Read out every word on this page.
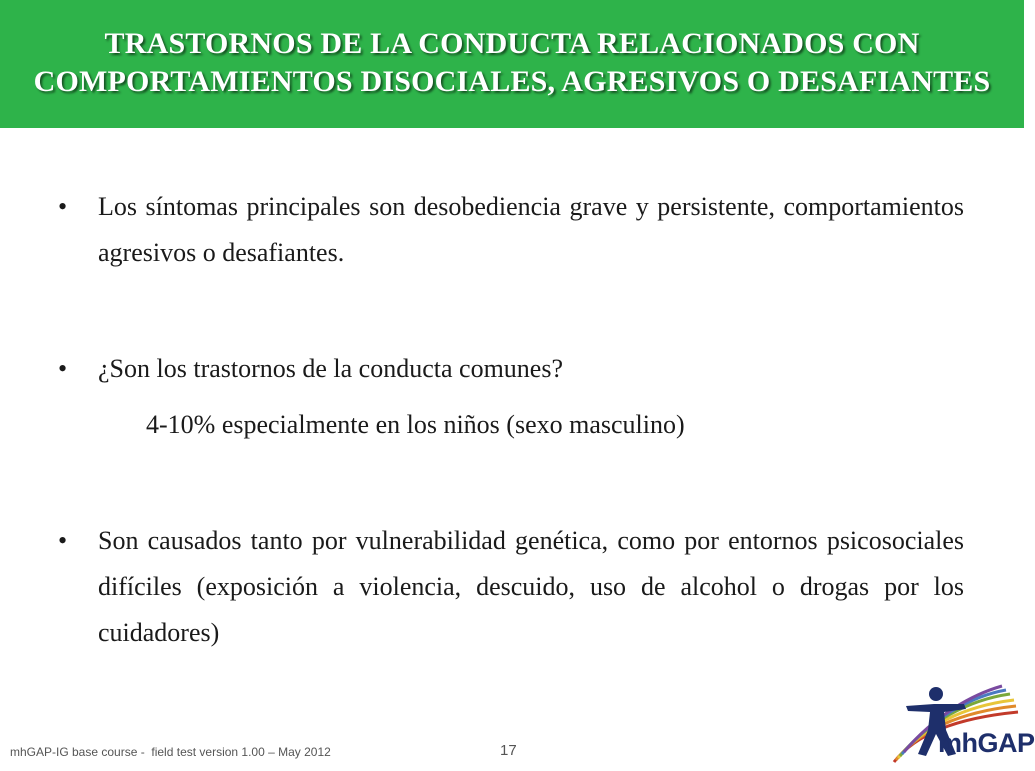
TRASTORNOS DE LA CONDUCTA RELACIONADOS CON COMPORTAMIENTOS DISOCIALES, AGRESIVOS O DESAFIANTES
• Los síntomas principales son desobediencia grave y persistente, comportamientos agresivos o desafiantes.
• ¿Son los trastornos de la conducta comunes?
4-10% especialmente en los niños (sexo masculino)
• Son causados tanto por vulnerabilidad genética, como por entornos psicosociales difíciles (exposición a violencia, descuido, uso de alcohol o drogas por los cuidadores)
mhGAP-IG base course -  field test version 1.00 – May 2012	17	mhGAP
